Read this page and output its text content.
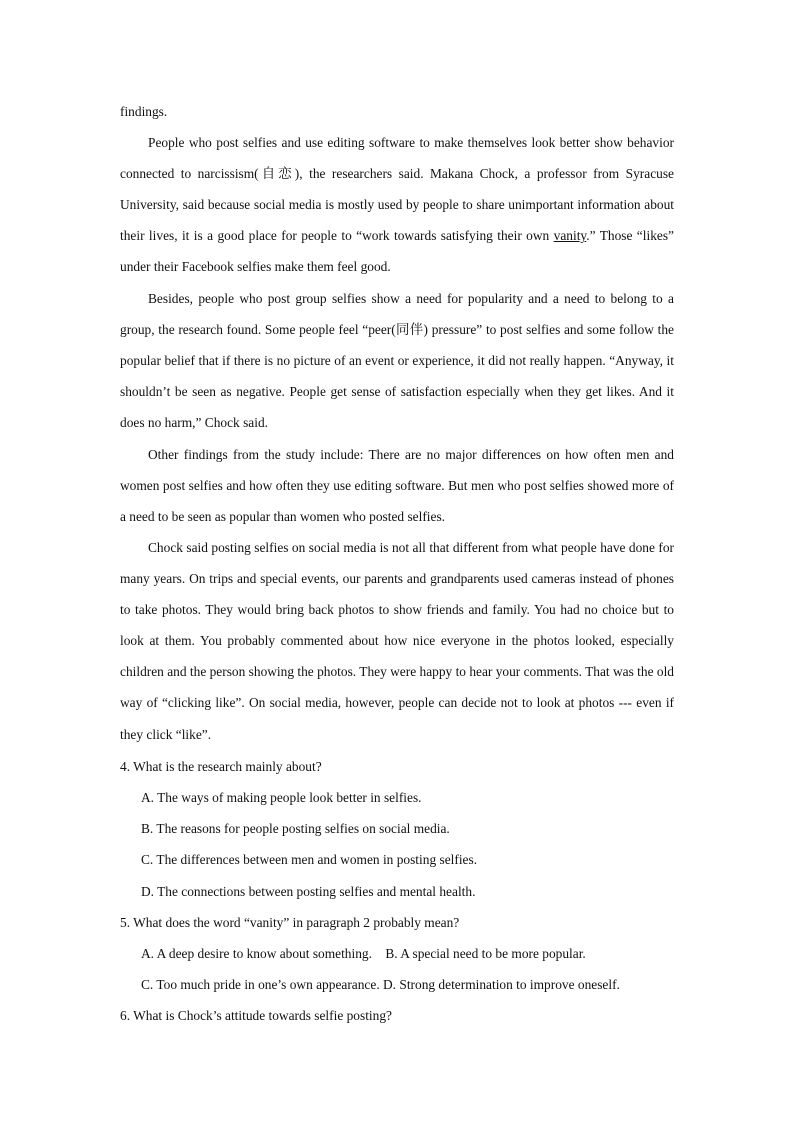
findings.

People who post selfies and use editing software to make themselves look better show behavior connected to narcissism(自恋), the researchers said. Makana Chock, a professor from Syracuse University, said because social media is mostly used by people to share unimportant information about their lives, it is a good place for people to “work towards satisfying their own vanity.” Those “likes” under their Facebook selfies make them feel good.

Besides, people who post group selfies show a need for popularity and a need to belong to a group, the research found. Some people feel “peer(同伴) pressure” to post selfies and some follow the popular belief that if there is no picture of an event or experience, it did not really happen. “Anyway, it shouldn’t be seen as negative. People get sense of satisfaction especially when they get likes. And it does no harm,” Chock said.

Other findings from the study include: There are no major differences on how often men and women post selfies and how often they use editing software. But men who post selfies showed more of a need to be seen as popular than women who posted selfies.

Chock said posting selfies on social media is not all that different from what people have done for many years. On trips and special events, our parents and grandparents used cameras instead of phones to take photos. They would bring back photos to show friends and family. You had no choice but to look at them. You probably commented about how nice everyone in the photos looked, especially children and the person showing the photos. They were happy to hear your comments. That was the old way of “clicking like”. On social media, however, people can decide not to look at photos --- even if they click “like”.

4. What is the research mainly about?

A. The ways of making people look better in selfies.

B. The reasons for people posting selfies on social media.

C. The differences between men and women in posting selfies.

D. The connections between posting selfies and mental health.

5. What does the word “vanity” in paragraph 2 probably mean?

A. A deep desire to know about something.    B. A special need to be more popular.

C. Too much pride in one’s own appearance. D. Strong determination to improve oneself.

6. What is Chock’s attitude towards selfie posting?
